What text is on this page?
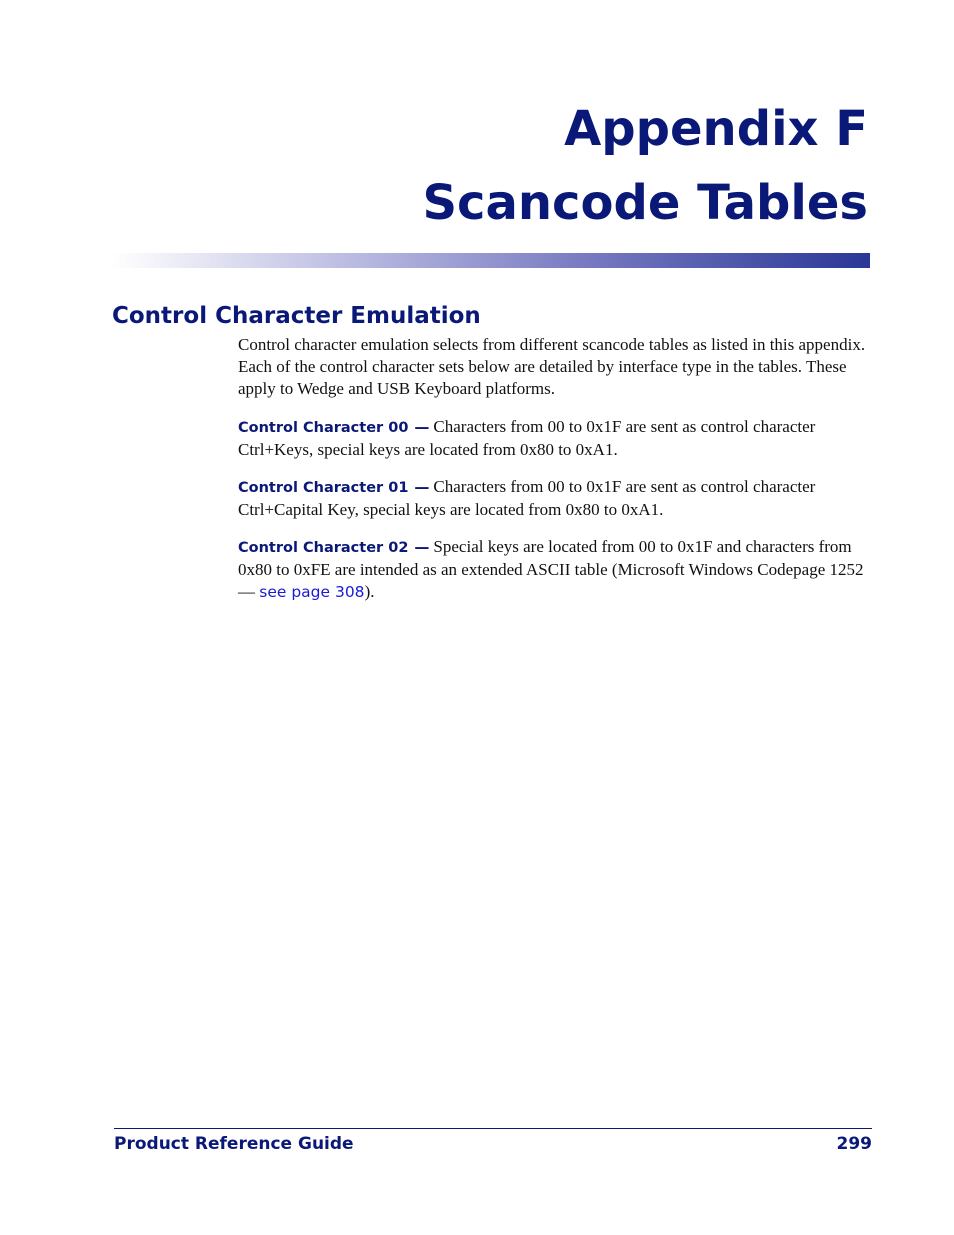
Appendix F
Scancode Tables
Control Character Emulation

Control character emulation selects from different scancode tables as listed in this appendix. Each of the control character sets below are detailed by interface type in the tables. These apply to Wedge and USB Keyboard platforms.

Control Character 00 — Characters from 00 to 0x1F are sent as control character Ctrl+Keys, special keys are located from 0x80 to 0xA1.

Control Character 01 — Characters from 00 to 0x1F are sent as control character Ctrl+Capital Key, special keys are located from 0x80 to 0xA1.

Control Character 02 — Special keys are located from 00 to 0x1F and characters from 0x80 to 0xFE are intended as an extended ASCII table (Microsoft Windows Codepage 1252 — see page 308).

Product Reference Guide	299
